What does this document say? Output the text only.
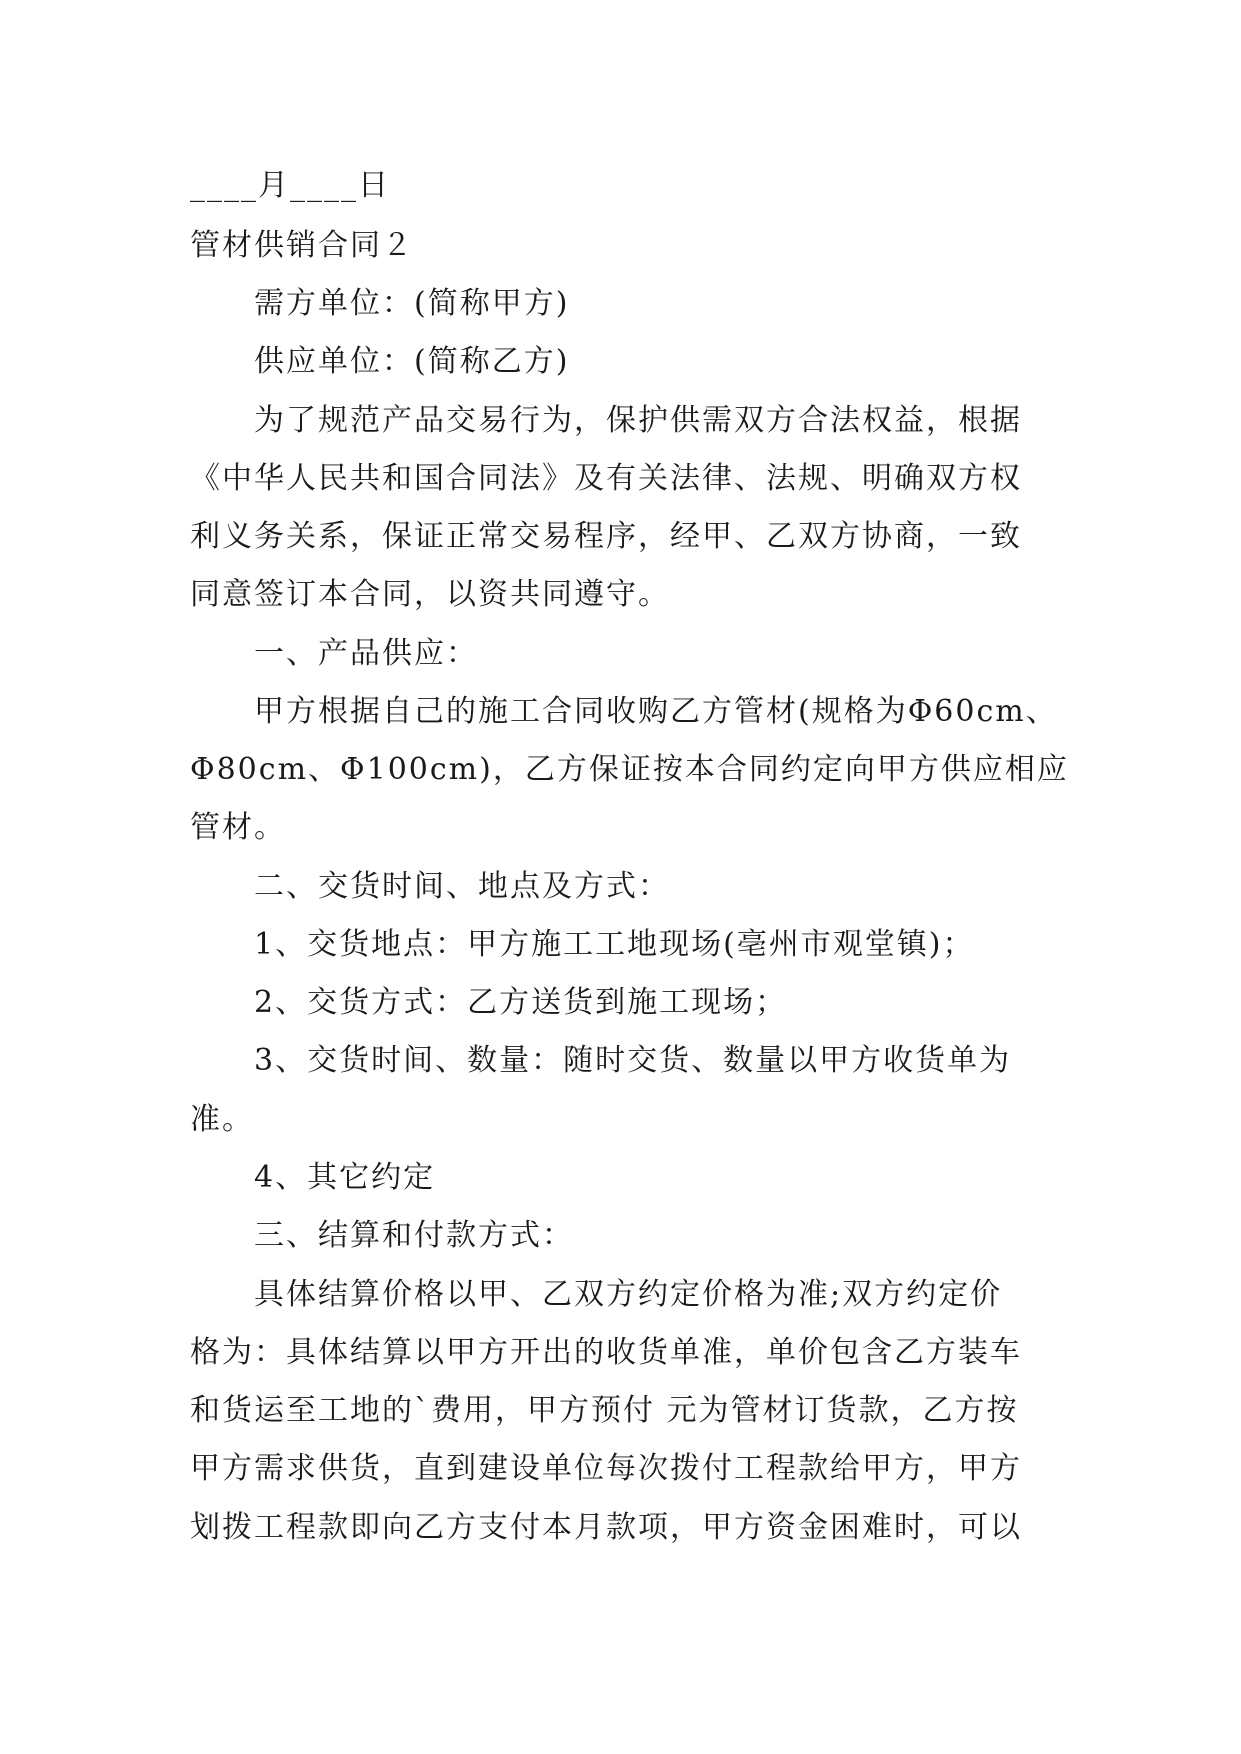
____月____日
管材供销合同２
需方单位：(简称甲方)
供应单位：(简称乙方)
为了规范产品交易行为，保护供需双方合法权益，根据
《中华人民共和国合同法》及有关法律、法规、明确双方权
利义务关系，保证正常交易程序，经甲、乙双方协商，一致
同意签订本合同，以资共同遵守。
一、产品供应：
甲方根据自己的施工合同收购乙方管材(规格为Φ60cm、
Φ80cm、Φ100cm)，乙方保证按本合同约定向甲方供应相应
管材。
二、交货时间、地点及方式：
1、交货地点：甲方施工工地现场(亳州市观堂镇)；
2、交货方式：乙方送货到施工现场；
3、交货时间、数量：随时交货、数量以甲方收货单为
准。
4、其它约定
三、结算和付款方式：
具体结算价格以甲、乙双方约定价格为准;双方约定价
格为：具体结算以甲方开出的收货单准，单价包含乙方装车
和货运至工地的`费用，甲方预付 元为管材订货款，乙方按
甲方需求供货，直到建设单位每次拨付工程款给甲方，甲方
划拨工程款即向乙方支付本月款项，甲方资金困难时，可以
